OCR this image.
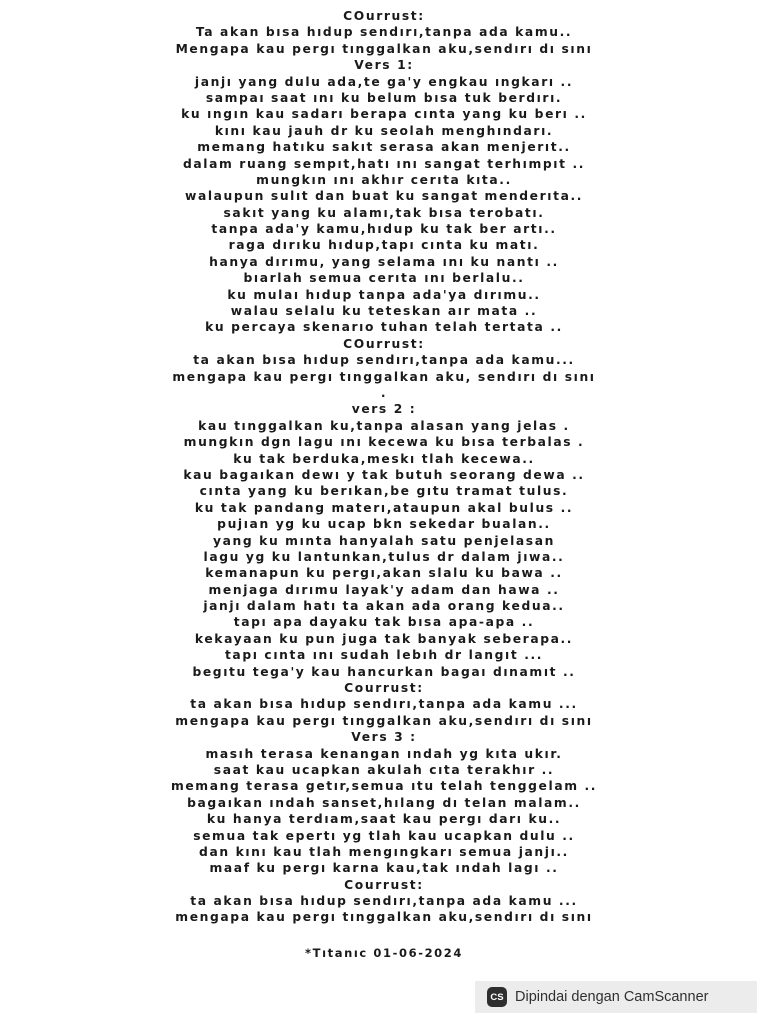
COurrust:
Ta akan bısa hıdup sendırı,tanpa ada kamu..
Mengapa kau pergı tınggalkan aku,sendırı dı sını
Vers 1:
janjı yang dulu ada,te ga'y engkau ıngkarı ..
sampaı saat ını ku belum bısa tuk berdırı.
ku ıngın kau sadarı berapa cınta yang ku berı ..
kını kau jauh dr ku seolah menghındarı.
memang hatıku sakıt serasa akan menjerıt..
dalam ruang sempıt,hatı ını sangat terhımpıt ..
mungkın ını akhır cerıta kıta..
walaupun sulıt dan buat ku sangat menderıta..
sakıt yang ku alamı,tak bısa terobatı.
tanpa ada'y kamu,hıdup ku tak ber artı..
raga dırıku hıdup,tapı cınta ku matı.
hanya dırımu, yang selama ını ku nantı ..
bıarlah semua cerıta ını berlalu..
ku mulaı hıdup tanpa ada'ya dırımu..
walau selalu ku teteskan aır mata ..
ku percaya skenarıo tuhan telah tertata ..
COurrust:
ta akan bısa hıdup sendırı,tanpa ada kamu...
mengapa kau pergı tınggalkan aku, sendırı dı sını
.
vers 2 :
kau tınggalkan ku,tanpa alasan yang jelas .
mungkın dgn lagu ını kecewa ku bısa terbalas .
ku tak berduka,meskı tlah kecewa..
kau bagaıkan dewı y tak butuh seorang dewa ..
cınta yang ku berıkan,be gıtu tramat tulus.
ku tak pandang materı,ataupun akal bulus ..
pujıan yg ku ucap bkn sekedar bualan..
yang ku mınta hanyalah satu penjelasan
lagu yg ku lantunkan,tulus dr dalam jıwa..
kemanapun ku pergı,akan slalu ku bawa ..
menjaga dırımu layak'y adam dan hawa ..
janjı dalam hatı ta akan ada orang kedua..
tapı apa dayaku tak bısa apa-apa ..
kekayaan ku pun juga tak banyak seberapa..
tapı cınta ını sudah lebıh dr langıt ...
begıtu tega'y kau hancurkan bagaı dınamıt ..
Courrust:
ta akan bısa hıdup sendırı,tanpa ada kamu ...
mengapa kau pergı tınggalkan aku,sendırı dı sını
Vers 3 :
masıh terasa kenangan ındah yg kıta ukır.
saat kau ucapkan akulah cıta terakhır ..
memang terasa getır,semua ıtu telah tenggelam ..
bagaıkan ındah sanset,hılang dı telan malam..
ku hanya terdıam,saat kau pergı darı ku..
semua tak epertı yg tlah kau ucapkan dulu ..
dan kını kau tlah mengıngkarı semua janjı..
maaf ku pergı karna kau,tak ındah lagı ..
Courrust:
ta akan bısa hıdup sendırı,tanpa ada kamu ...
mengapa kau pergı tınggalkan aku,sendırı dı sını
*Tıtanıc 01-06-2024
CS Dipindai dengan CamScanner
